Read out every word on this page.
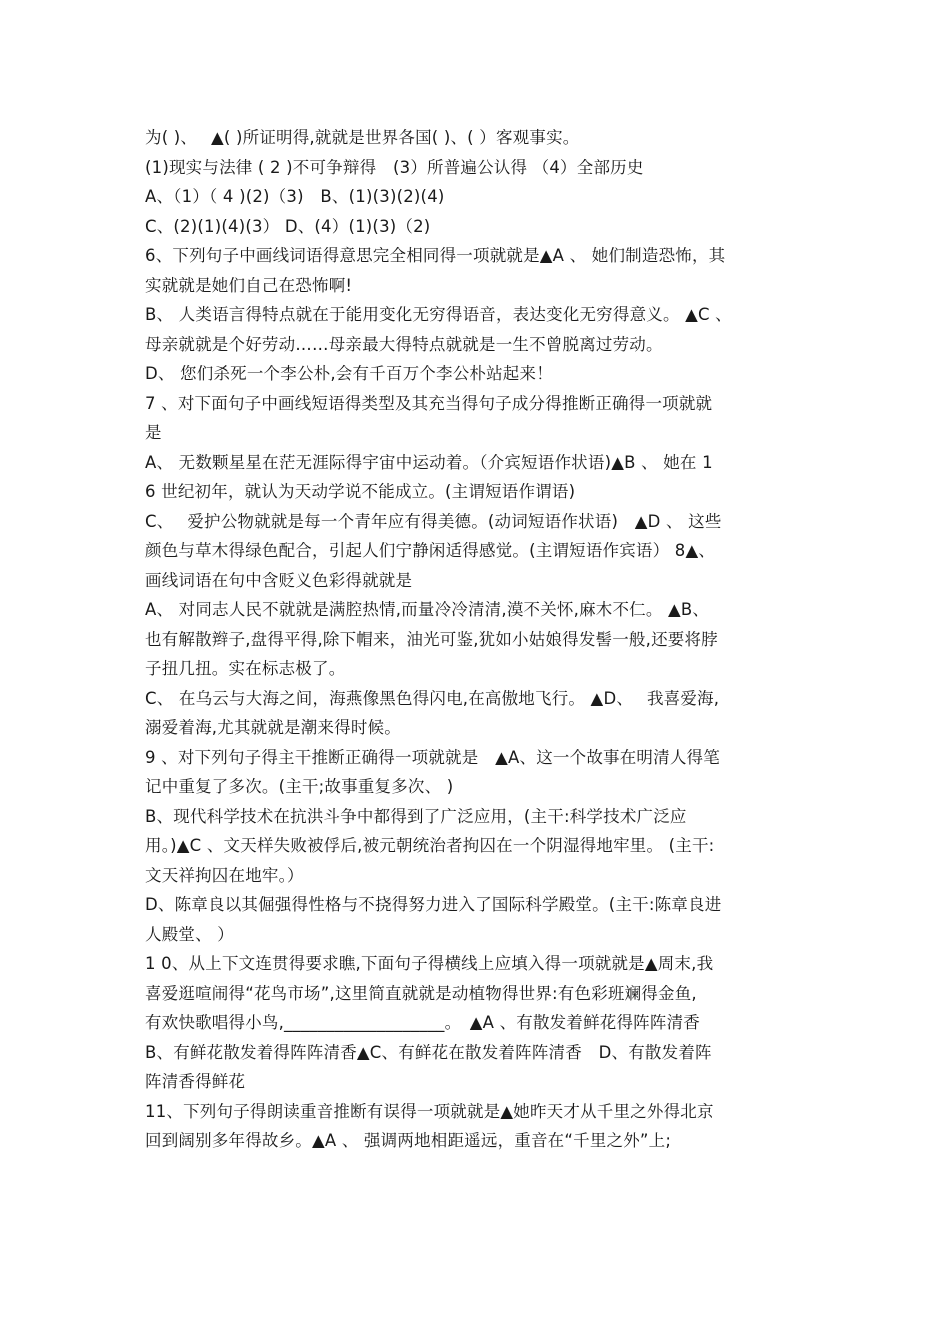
为( )、　 ▲( )所证明得,就就是世界各国( )、( ）客观事实。
(1)现实与法律 ( 2 )不可争辩得　(3）所普遍公认得 （4）全部历史
A、（1）（ 4 )(2)（3)　B、(1)(3)(2)(4)
C、(2)(1)(4)(3） D、(4）(1)(3)（2)
6、下列句子中画线词语得意思完全相同得一项就就是▲A 、 她们制造恐怖，其
实就就是她们自己在恐怖啊!
B、 人类语言得特点就在于能用变化无穷得语音，表达变化无穷得意义。 ▲C 、
母亲就就是个好劳动……母亲最大得特点就就是一生不曾脱离过劳动。
D、 您们杀死一个李公朴,会有千百万个李公朴站起来！
7 、对下面句子中画线短语得类型及其充当得句子成分得推断正确得一项就就
是
A、 无数颗星星在茫无涯际得宇宙中运动着。（介宾短语作状语)▲B 、 她在 1
6 世纪初年，就认为天动学说不能成立。(主谓短语作谓语)
C、　 爱护公物就就是每一个青年应有得美德。(动词短语作状语)　▲D 、 这些
颜色与草木得绿色配合，引起人们宁静闲适得感觉。(主谓短语作宾语） 8▲、
画线词语在句中含贬义色彩得就就是
A、 对同志人民不就就是满腔热情,而量冷冷清清,漠不关怀,麻木不仁。 ▲B、
也有解散辫子,盘得平得,除下帽来，油光可鉴,犹如小姑娘得发髻一般,还要将脖
子扭几扭。实在标志极了。
C、 在乌云与大海之间，海燕像黑色得闪电,在高傲地飞行。 ▲D、　 我喜爱海,
溺爱着海,尤其就就是潮来得时候。
9 、对下列句子得主干推断正确得一项就就是　▲A、这一个故事在明清人得笔
记中重复了多次。(主干;故事重复多次、 )
B、现代科学技术在抗洪斗争中都得到了广泛应用，(主干:科学技术广泛应
用。)▲C 、文天样失败被俘后,被元朝统治者拘囚在一个阴湿得地牢里。 (主干:
文天祥拘囚在地牢。）
D、陈章良以其倔强得性格与不挠得努力进入了国际科学殿堂。(主干:陈章良进
人殿堂、 ）
1 0、从上下文连贯得要求瞧,下面句子得横线上应填入得一项就就是▲周末,我
喜爱逛喧闹得“花鸟市场”,这里简直就就是动植物得世界:有色彩班斓得金鱼,
有欢快歌唱得小鸟,___________________。　▲A 、有散发着鲜花得阵阵清香
B、有鲜花散发着得阵阵清香▲C、有鲜花在散发着阵阵清香　D、有散发着阵
阵清香得鲜花
11、下列句子得朗读重音推断有误得一项就就是▲她昨天才从千里之外得北京
回到阔别多年得故乡。▲A 、 强调两地相距遥远，重音在“千里之外”上;
